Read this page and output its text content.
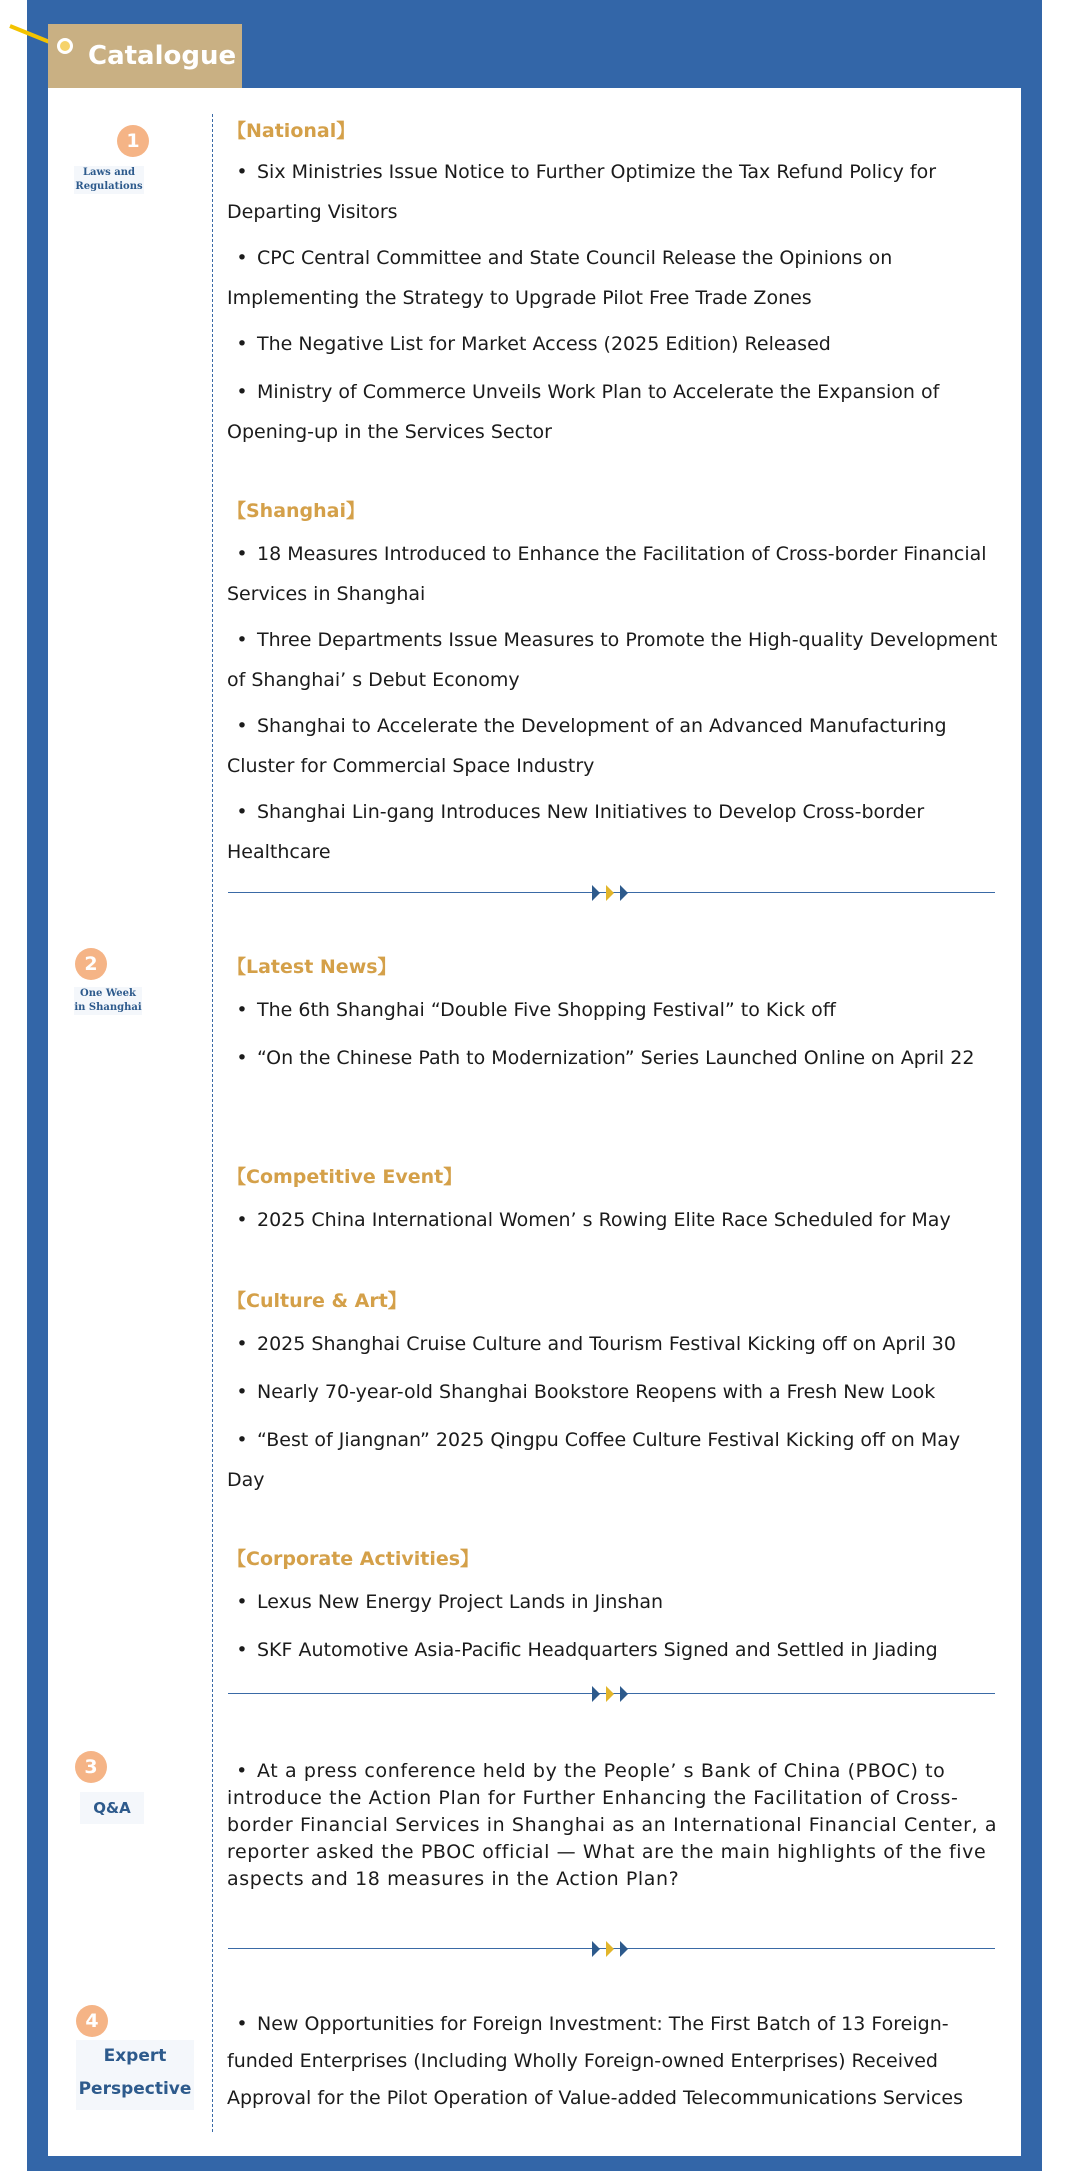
Catalogue
1
Laws and Regulations
2
One Week in Shanghai
3
Q&A
4
Expert Perspective
【National】
• Six Ministries Issue Notice to Further Optimize the Tax Refund Policy for Departing Visitors
• CPC Central Committee and State Council Release the Opinions on Implementing the Strategy to Upgrade Pilot Free Trade Zones
• The Negative List for Market Access (2025 Edition) Released
• Ministry of Commerce Unveils Work Plan to Accelerate the Expansion of Opening-up in the Services Sector
【Shanghai】
• 18 Measures Introduced to Enhance the Facilitation of Cross-border Financial Services in Shanghai
• Three Departments Issue Measures to Promote the High-quality Development of Shanghai’ s Debut Economy
• Shanghai to Accelerate the Development of an Advanced Manufacturing Cluster for Commercial Space Industry
• Shanghai Lin-gang Introduces New Initiatives to Develop Cross-border Healthcare
【Latest News】
• The 6th Shanghai “Double Five Shopping Festival” to Kick off
• “On the Chinese Path to Modernization” Series Launched Online on April 22
【Competitive Event】
• 2025 China International Women’ s Rowing Elite Race Scheduled for May
【Culture & Art】
• 2025 Shanghai Cruise Culture and Tourism Festival Kicking off on April 30
• Nearly 70-year-old Shanghai Bookstore Reopens with a Fresh New Look
• “Best of Jiangnan” 2025 Qingpu Coffee Culture Festival Kicking off on May Day
【Corporate Activities】
• Lexus New Energy Project Lands in Jinshan
• SKF Automotive Asia-Pacific Headquarters Signed and Settled in Jiading
• At a press conference held by the People’ s Bank of China (PBOC) to introduce the Action Plan for Further Enhancing the Facilitation of Cross-border Financial Services in Shanghai as an International Financial Center, a reporter asked the PBOC official — What are the main highlights of the five aspects and 18 measures in the Action Plan?
• New Opportunities for Foreign Investment: The First Batch of 13 Foreign-funded Enterprises (Including Wholly Foreign-owned Enterprises) Received Approval for the Pilot Operation of Value-added Telecommunications Services
